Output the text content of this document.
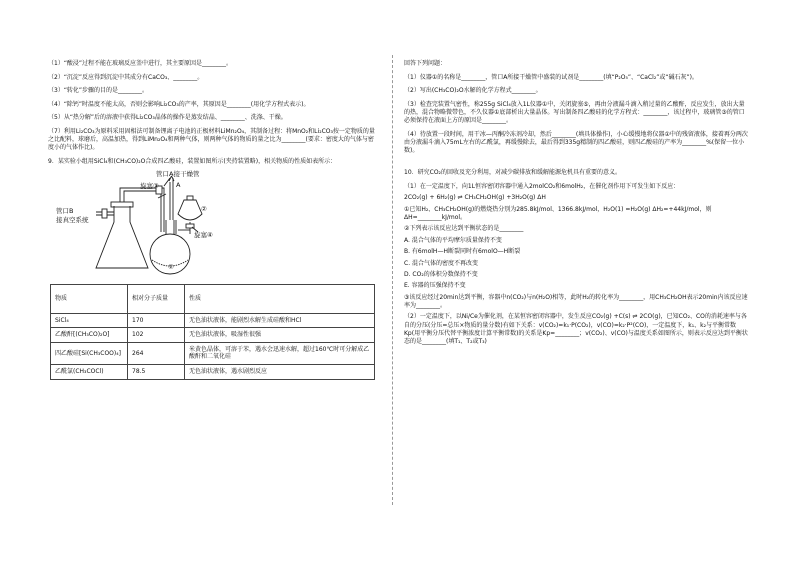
（1）“酸浸”过程不能在玻璃反应釜中进行，其主要原因是________。

（2）“沉淀”反应得到沉淀中其成分有CaCO₃、________。

（3）“转化”步骤的目的是________。

（4）“除钙”时温度不能太高，否则会影响Li₂CO₃的产率，其原因是________(用化学方程式表示)。

（5）从“热分解”后的溶液中获得Li₂CO₃晶体的操作是蒸发结晶、________、洗涤、干燥。

（7）利用Li₂CO₃为原料采用固相法可制备锂离子电池的正极材料LiMn₂O₄，其制备过程：将MnO₂和Li₂CO₃按一定物质的量之比配料，球磨后，高温加热，得到LiMn₂O₄和两种气体，则两种气体的物质的量之比为________(要求：密度大的气体与密度小的气体作比)。

9．某实验小组用SiCl₄和(CH₃CO)₂O合成四乙酸硅，装置如图所示(夹持装置略)，相关物质的性质如表所示：

管口A接干燥管
旋塞③	A
②
管口B
接真空系统
旋塞④
①
物质	相对分子质量	性质
SiCl₄	170	无色油状液体，能剧烈水解生成硅酸和HCl
乙酸酐[(CH₃CO)₂O]	102	无色油状液体，吸湿性很强
四乙酸硅[Si(CH₃COO)₄]	264	米黄色晶体，可溶于苯，遇水会迅速水解，超过160℃时可分解成乙酸酐和二氧化硅
乙酰氯(CH₃COCl)	78.5	无色油状液体，遇水剧烈反应

回答下列问题：

（1）仪器①的名称是________，管口A所接干燥管中盛装的试剂是________(填“P₂O₅”、“CaCl₂”或“碱石灰”)。

（2）写出(CH₃CO)₂O水解的化学方程式________。

（3）检查完装置气密性，称255g SiCl₄放入1L仪器①中，关闭旋塞⑤，再由分液漏斗滴入稍过量的乙酸酐，反应发生，放出大量的热，混合物略微带色，不久仪器①底部析出大量晶体。写出制备四乙酸硅的化学方程式：________，该过程中，玻璃管③的管口必须保持在液面上方的原因是________。

（4）待放置一段时间，用干冰—丙酮冷冻剂冷却，然后________(填具体操作)，小心缓慢地将仪器①中的残留液体，接着再分两次由分液漏斗滴入75mL左右的乙酰氯，再缓慢除去，最后得到335g精制的四乙酸硅，则四乙酸硅的产率为________%(保留一位小数)。

10．研究CO₂的回收及充分利用，对减少碳排放和缓解能源危机具有重要的意义。

（1）在一定温度下，向1L恒容密闭容器中通入2molCO₂和6molH₂，在催化剂作用下可发生如下反应：

2CO₂(g) + 6H₂(g) ⇌ CH₃CH₂OH(g) +3H₂O(g) ΔH

①已知H₂、CH₃CH₂OH(g)的燃烧热分别为285.8kJ/mol、1366.8kJ/mol，H₂O(1) =H₂O(g) ΔH₂=+44kJ/mol，则ΔH=________kJ/mol。

②下列表示该反应达到平衡状态的是________

A. 混合气体的平均摩尔质量保持不变

B. 有6molH—H断裂同时有6molO—H断裂

C. 混合气体的密度不再改变

D. CO₂的体积分数保持不变

E. 容器的压强保持不变

③该反应经过20min达到平衡，容器中n(CO₂)与n(H₂O)相等，此时H₂的转化率为________，用CH₃CH₂OH表示20min内该反应速率为________。

（2）一定温度下，以Ni/Ce为催化剂，在某恒容密闭容器中，发生反应CO₂(g) +C(s) ⇌ 2CO(g)，已知CO₂、CO的消耗速率与各自的分压(分压=总压×物质的量分数)有如下关系：v(CO₂)=k₁·P(CO₂)，v(CO)=k₂·P²(CO)，一定温度下，k₁、k₂与平衡常数Kp(用平衡分压代替平衡浓度计算平衡常数)的关系是Kp=________；v(CO₂)、v(CO)与温度关系如图所示，则表示反应达到平衡状态的是________(填T₁、T₂或T₃)
